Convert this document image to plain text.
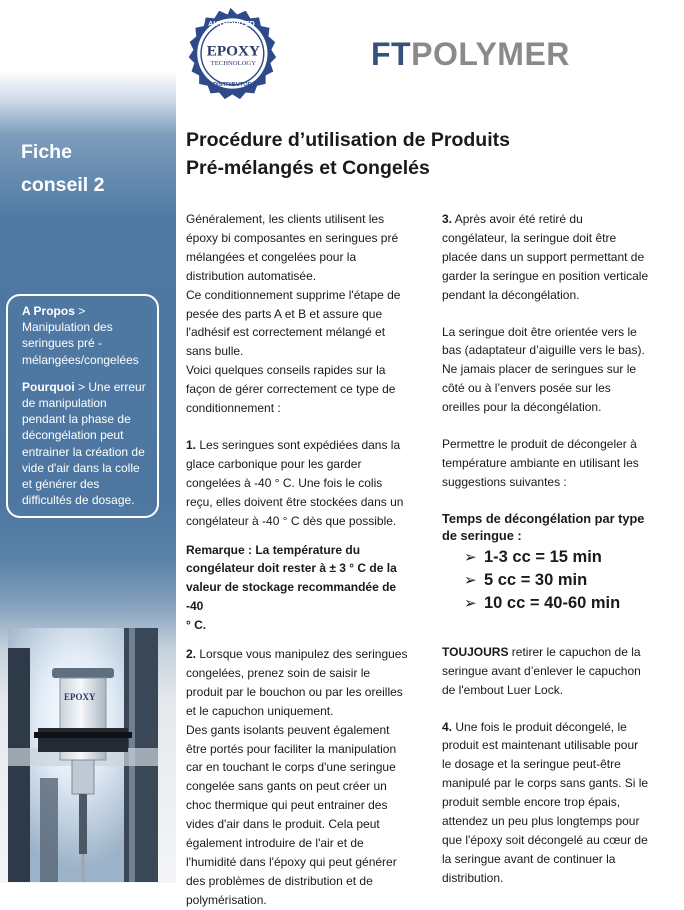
Fiche
conseil 2

A Propos >

Manipulation des

seringues pré -

mélangées/congelées

Pourquoi > Une erreur

de manipulation

pendant la phase de

décongélation peut

entrainer la création de

vide d'air dans la colle

et générer des

difficultés de dosage.

EPOXY
AUTHORIZED
EPOXY
TECHNOLOGY
DISTRIBUTOR
FTPOLYMER
Procédure d’utilisation de Produits
Pré-mélangés et Congelés

Généralement, les clients utilisent les

époxy bi composantes en seringues pré

mélangées et congelées pour la

distribution automatisée.

Ce conditionnement supprime l'étape de

pesée des parts A et B et assure que

l'adhésif est correctement mélangé et

sans bulle.

Voici quelques conseils rapides sur la

façon de gérer correctement ce type de

conditionnement :

1. Les seringues sont expédiées dans la

glace carbonique pour les garder

congelées à -40 ° C. Une fois le colis

reçu, elles doivent être stockées dans un

congélateur à -40 ° C dès que possible.

Remarque : La température du

congélateur doit rester à ± 3 ° C de la

valeur de stockage recommandée de -40

° C.

2. Lorsque vous manipulez des seringues

congelées, prenez soin de saisir le

produit par le bouchon ou par les oreilles

et le capuchon uniquement.

Des gants isolants peuvent également

être portés pour faciliter la manipulation

car en touchant le corps d'une seringue

congelée sans gants on peut créer un

choc thermique qui peut entrainer des

vides d'air dans le produit. Cela peut

également introduire de l'air et de

l'humidité dans l'époxy qui peut générer

des problèmes de distribution et de

polymérisation.

3. Après avoir été retiré du

congélateur, la seringue doit être

placée dans un support permettant de

garder la seringue en position verticale

pendant la décongélation.

La seringue doit être orientée vers le

bas (adaptateur d’aiguille vers le bas).

Ne jamais placer de seringues sur le

côté ou à l’envers posée sur les

oreilles pour la décongélation.

Permettre le produit de décongeler à

température ambiante en utilisant les

suggestions suivantes :

Temps de décongélation par type

de seringue :

➢ 1-3 cc = 15 min
➢ 5 cc = 30 min
➢ 10 cc = 40-60 min

TOUJOURS retirer le capuchon de la

seringue avant d’enlever le capuchon

de l'embout Luer Lock.

4. Une fois le produit décongelé, le

produit est maintenant utilisable pour

le dosage et la seringue peut-être

manipulé par le corps sans gants. Si le

produit semble encore trop épais,

attendez un peu plus longtemps pour

que l'époxy soit décongelé au cœur de

la seringue avant de continuer la

distribution.
